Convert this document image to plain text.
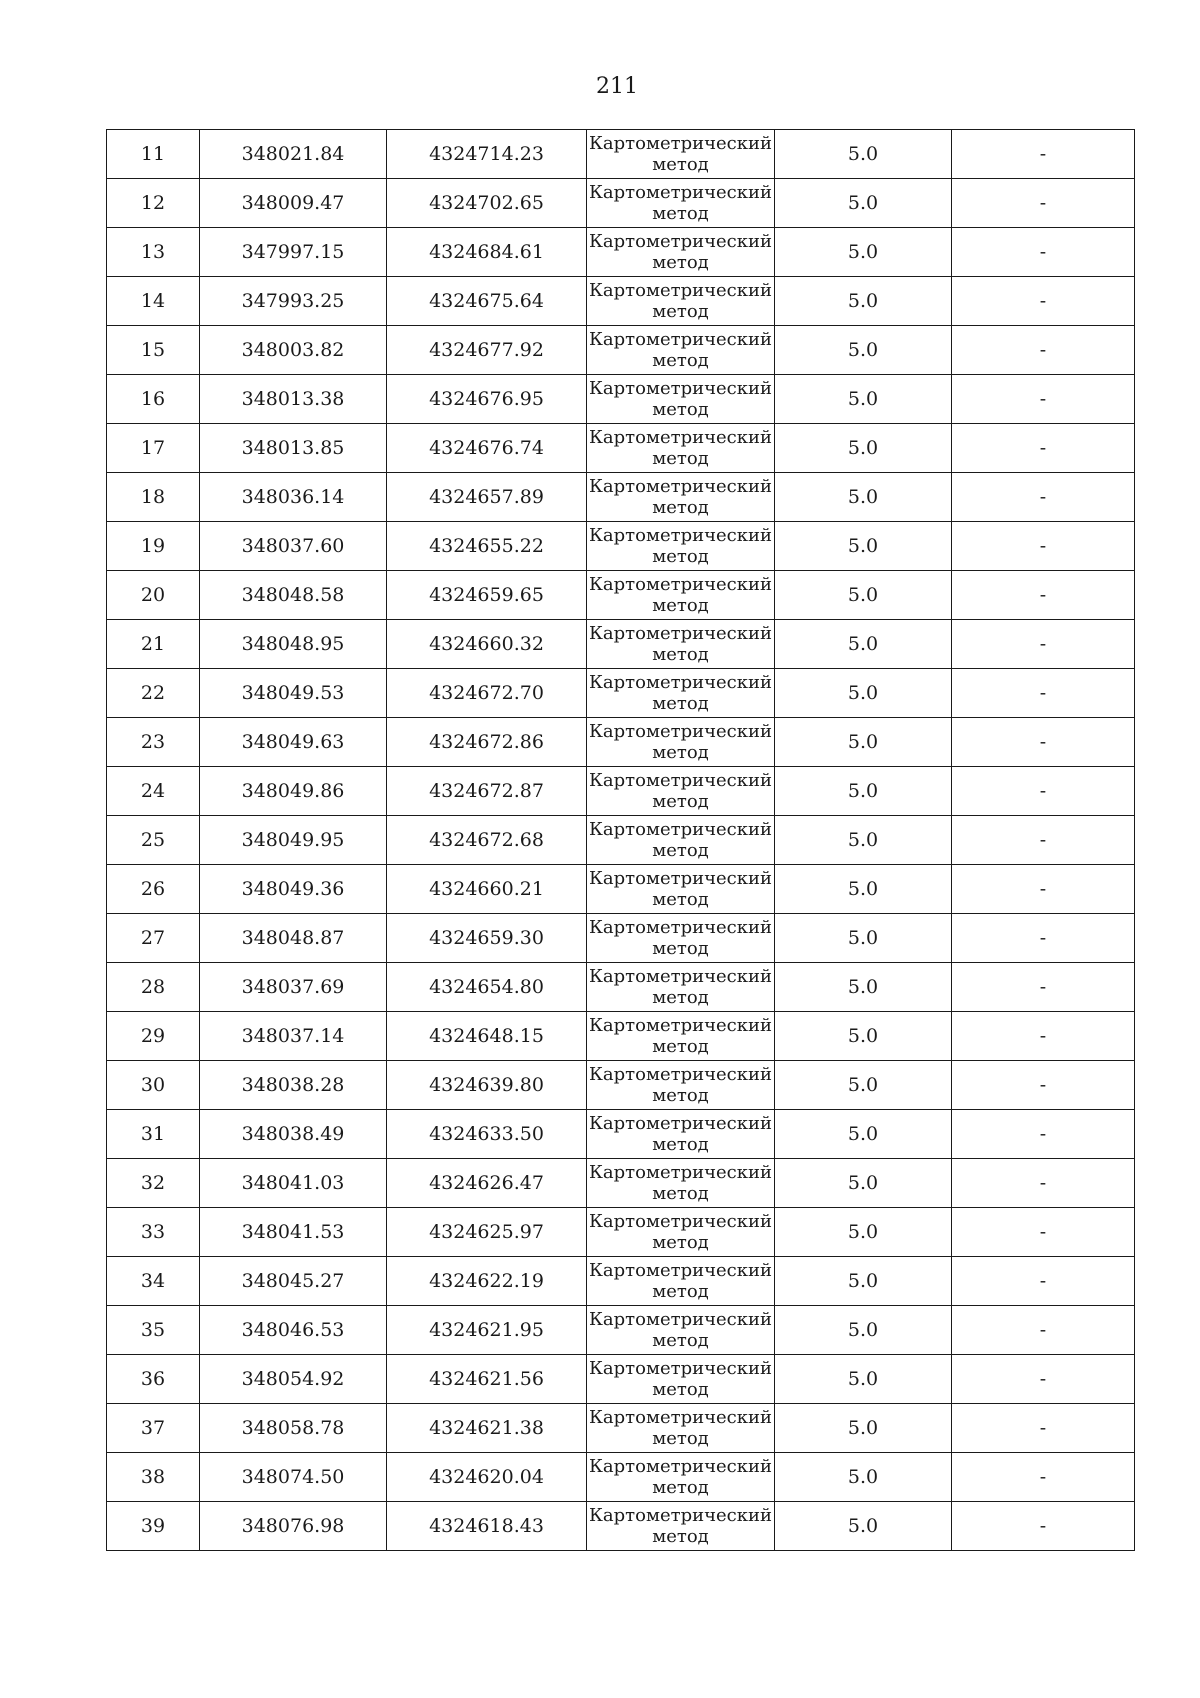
211
11	348021.84	4324714.23	Картометрический метод	5.0	-
12	348009.47	4324702.65	Картометрический метод	5.0	-
13	347997.15	4324684.61	Картометрический метод	5.0	-
14	347993.25	4324675.64	Картометрический метод	5.0	-
15	348003.82	4324677.92	Картометрический метод	5.0	-
16	348013.38	4324676.95	Картометрический метод	5.0	-
17	348013.85	4324676.74	Картометрический метод	5.0	-
18	348036.14	4324657.89	Картометрический метод	5.0	-
19	348037.60	4324655.22	Картометрический метод	5.0	-
20	348048.58	4324659.65	Картометрический метод	5.0	-
21	348048.95	4324660.32	Картометрический метод	5.0	-
22	348049.53	4324672.70	Картометрический метод	5.0	-
23	348049.63	4324672.86	Картометрический метод	5.0	-
24	348049.86	4324672.87	Картометрический метод	5.0	-
25	348049.95	4324672.68	Картометрический метод	5.0	-
26	348049.36	4324660.21	Картометрический метод	5.0	-
27	348048.87	4324659.30	Картометрический метод	5.0	-
28	348037.69	4324654.80	Картометрический метод	5.0	-
29	348037.14	4324648.15	Картометрический метод	5.0	-
30	348038.28	4324639.80	Картометрический метод	5.0	-
31	348038.49	4324633.50	Картометрический метод	5.0	-
32	348041.03	4324626.47	Картометрический метод	5.0	-
33	348041.53	4324625.97	Картометрический метод	5.0	-
34	348045.27	4324622.19	Картометрический метод	5.0	-
35	348046.53	4324621.95	Картометрический метод	5.0	-
36	348054.92	4324621.56	Картометрический метод	5.0	-
37	348058.78	4324621.38	Картометрический метод	5.0	-
38	348074.50	4324620.04	Картометрический метод	5.0	-
39	348076.98	4324618.43	Картометрический метод	5.0	-
